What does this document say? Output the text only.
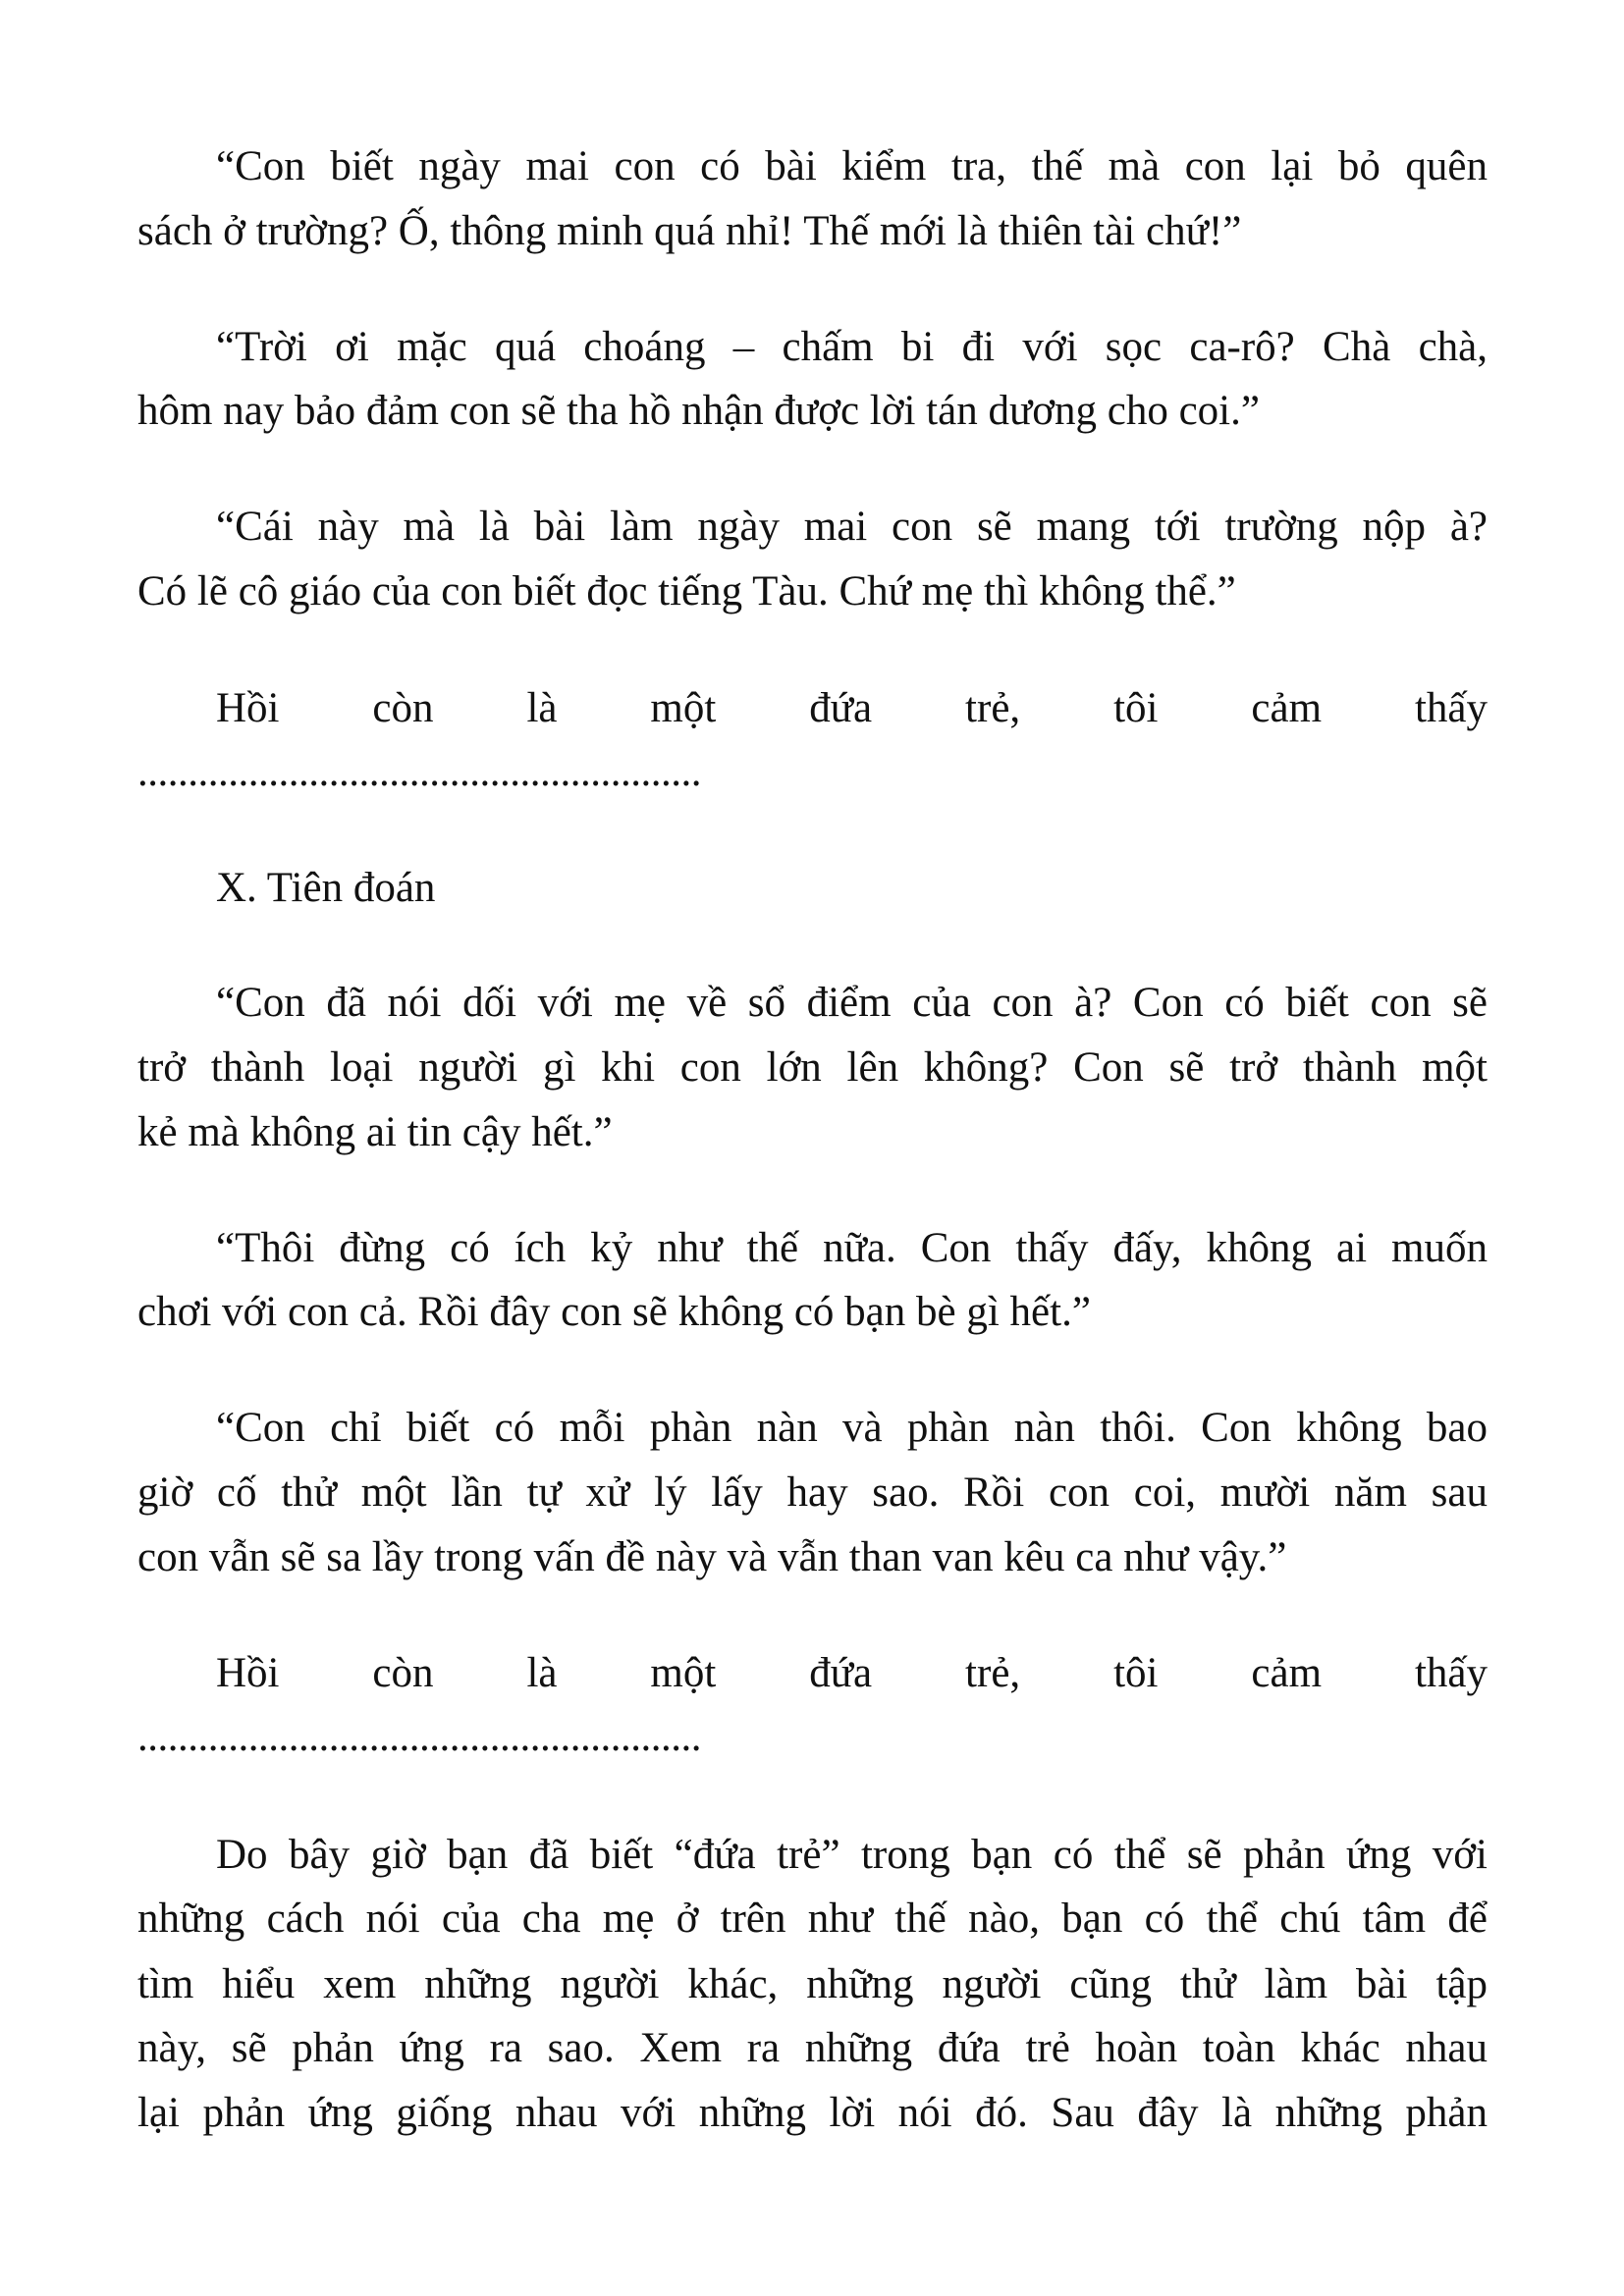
“Con biết ngày mai con có bài kiểm tra, thế mà con lại bỏ quên
sách ở trường? Ố, thông minh quá nhỉ! Thế mới là thiên tài chứ!”
“Trời ơi mặc quá choáng – chấm bi đi với sọc ca-rô? Chà chà,
hôm nay bảo đảm con sẽ tha hồ nhận được lời tán dương cho coi.”
“Cái này mà là bài làm ngày mai con sẽ mang tới trường nộp à?
Có lẽ cô giáo của con biết đọc tiếng Tàu. Chứ mẹ thì không thể.”
Hồi còn là một đứa trẻ, tôi cảm thấy
........................................................
X. Tiên đoán
“Con đã nói dối với mẹ về sổ điểm của con à? Con có biết con sẽ
trở thành loại người gì khi con lớn lên không? Con sẽ trở thành một
kẻ mà không ai tin cậy hết.”
“Thôi đừng có ích kỷ như thế nữa. Con thấy đấy, không ai muốn
chơi với con cả. Rồi đây con sẽ không có bạn bè gì hết.”
“Con chỉ biết có mỗi phàn nàn và phàn nàn thôi. Con không bao
giờ cố thử một lần tự xử lý lấy hay sao. Rồi con coi, mười năm sau
con vẫn sẽ sa lầy trong vấn đề này và vẫn than van kêu ca như vậy.”
Hồi còn là một đứa trẻ, tôi cảm thấy
........................................................
Do bây giờ bạn đã biết “đứa trẻ” trong bạn có thể sẽ phản ứng với
những cách nói của cha mẹ ở trên như thế nào, bạn có thể chú tâm để
tìm hiểu xem những người khác, những người cũng thử làm bài tập
này, sẽ phản ứng ra sao. Xem ra những đứa trẻ hoàn toàn khác nhau
lại phản ứng giống nhau với những lời nói đó. Sau đây là những phản
